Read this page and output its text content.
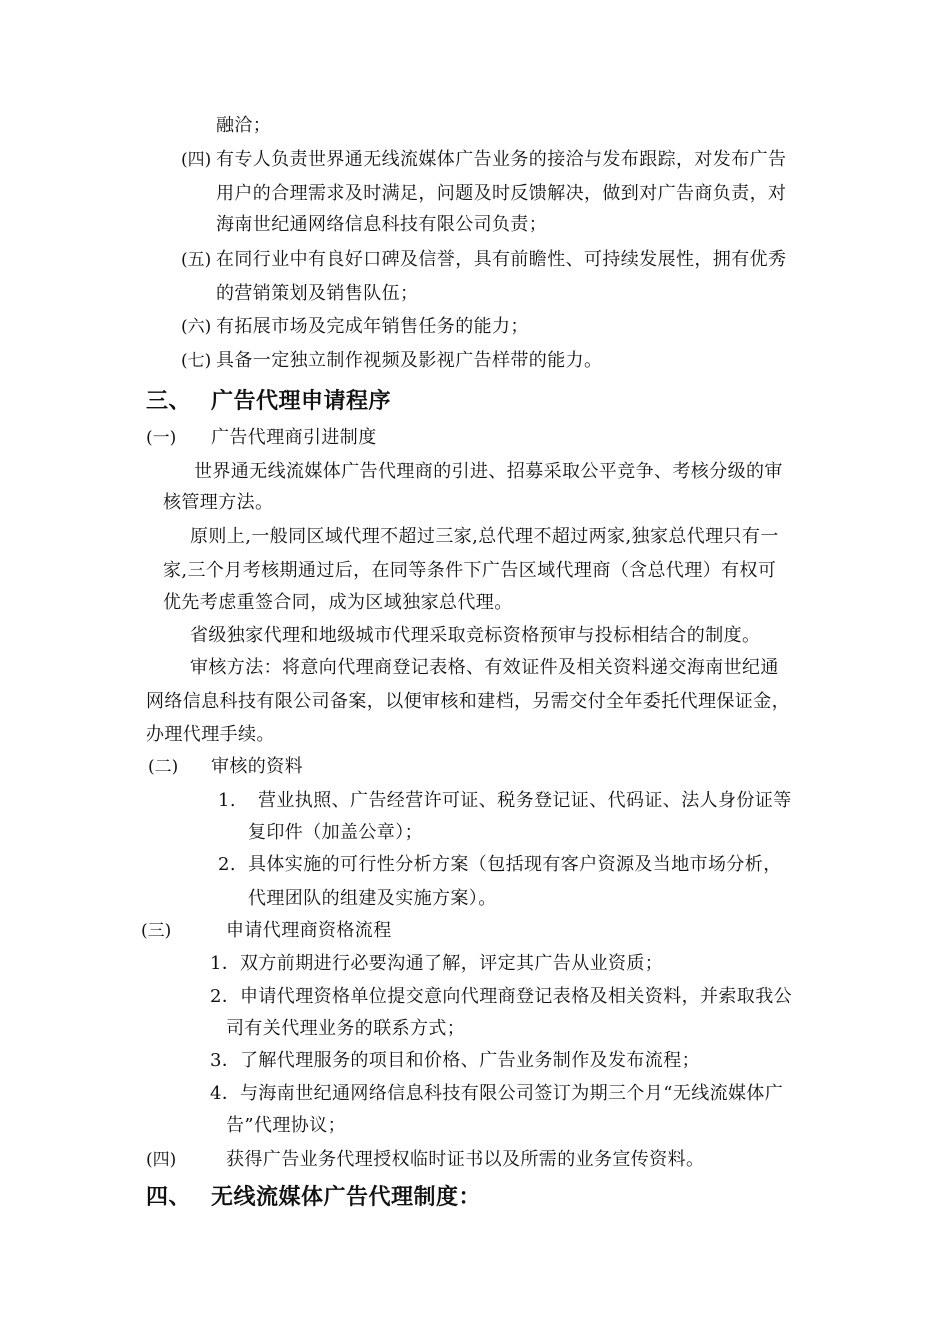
融洽；
(四) 有专人负责世界通无线流媒体广告业务的接洽与发布跟踪，对发布广告
用户的合理需求及时满足，问题及时反馈解决，做到对广告商负责，对
海南世纪通网络信息科技有限公司负责；
(五) 在同行业中有良好口碑及信誉，具有前瞻性、可持续发展性，拥有优秀
的营销策划及销售队伍；
(六) 有拓展市场及完成年销售任务的能力；
(七) 具备一定独立制作视频及影视广告样带的能力。
三、 广告代理申请程序
(一) 广告代理商引进制度
世界通无线流媒体广告代理商的引进、招募采取公平竞争、考核分级的审
核管理方法。
原则上,一般同区域代理不超过三家,总代理不超过两家,独家总代理只有一
家,三个月考核期通过后，在同等条件下广告区域代理商（含总代理）有权可
优先考虑重签合同，成为区域独家总代理。
省级独家代理和地级城市代理采取竞标资格预审与投标相结合的制度。
审核方法：将意向代理商登记表格、有效证件及相关资料递交海南世纪通
网络信息科技有限公司备案，以便审核和建档，另需交付全年委托代理保证金，
办理代理手续。
(二) 审核的资料
1. 营业执照、广告经营许可证、税务登记证、代码证、法人身份证等
复印件（加盖公章）；
2. 具体实施的可行性分析方案（包括现有客户资源及当地市场分析，
代理团队的组建及实施方案）。
(三)	申请代理商资格流程
1． 双方前期进行必要沟通了解，评定其广告从业资质；
2． 申请代理资格单位提交意向代理商登记表格及相关资料，并索取我公
司有关代理业务的联系方式；
3． 了解代理服务的项目和价格、广告业务制作及发布流程；
4． 与海南世纪通网络信息科技有限公司签订为期三个月“无线流媒体广
告”代理协议；
(四)	获得广告业务代理授权临时证书以及所需的业务宣传资料。
四、 无线流媒体广告代理制度：
